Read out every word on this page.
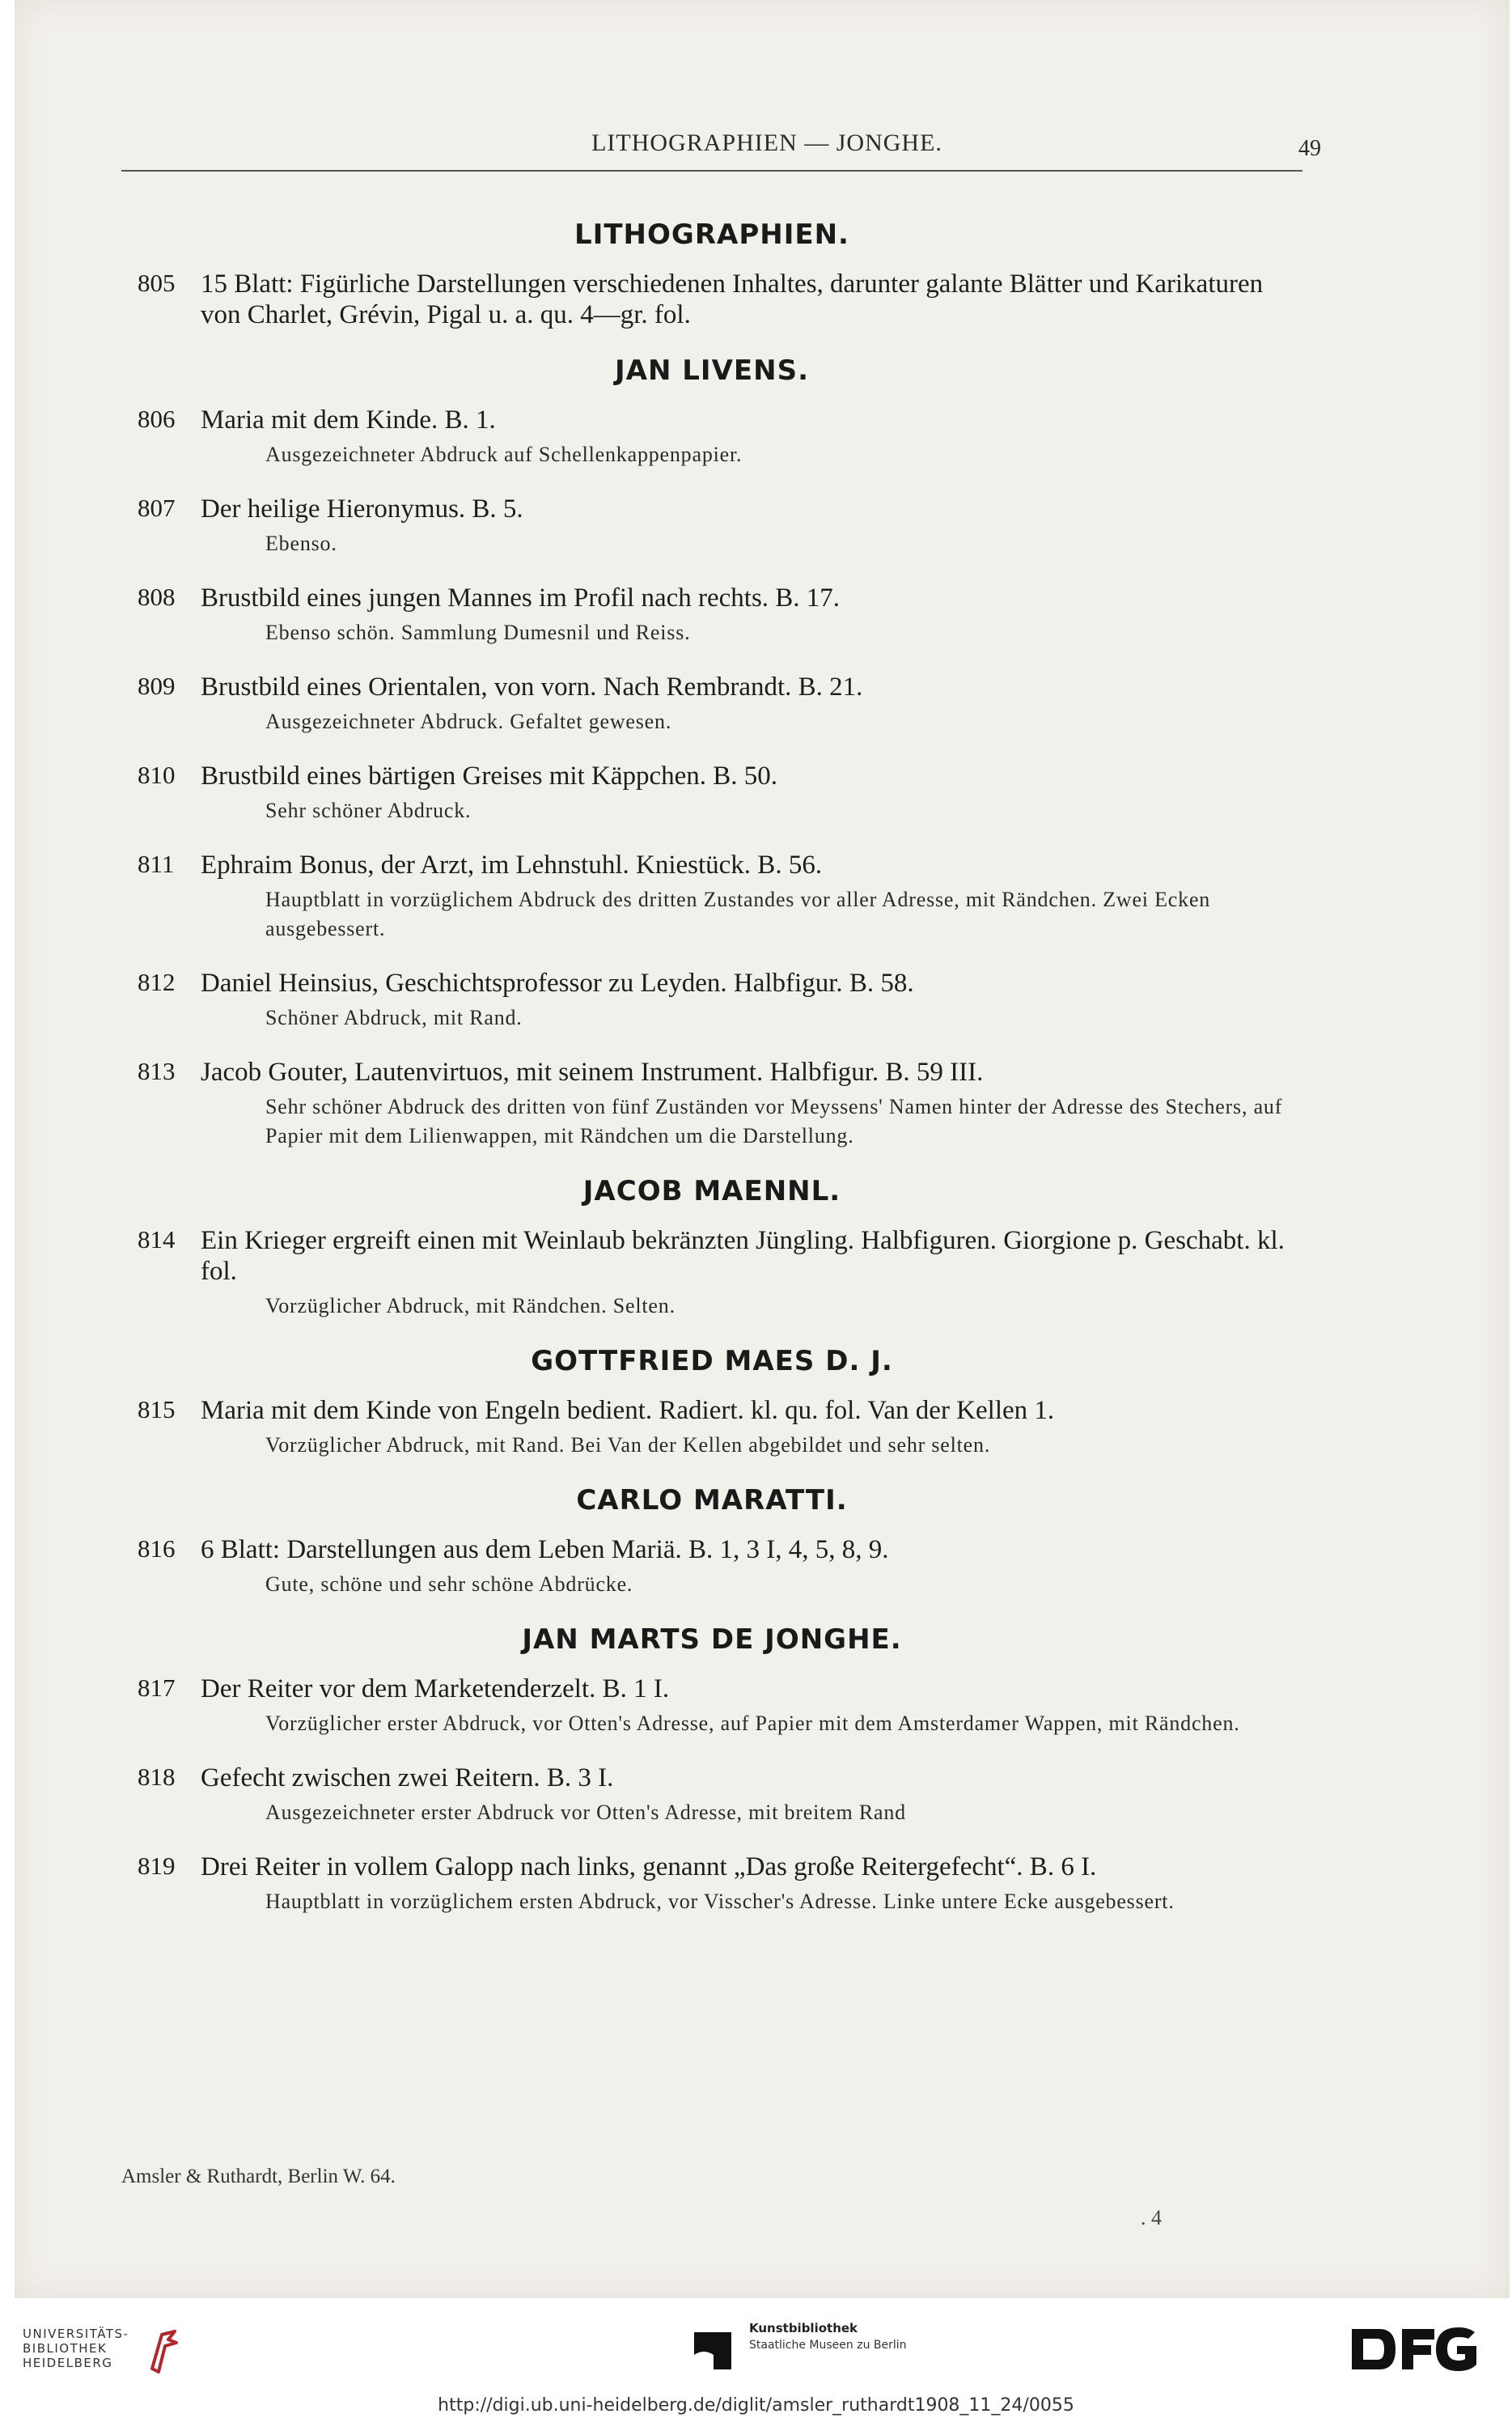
LITHOGRAPHIEN — JONGHE.	49
LITHOGRAPHIEN.
805 15 Blatt: Figürliche Darstellungen verschiedenen Inhaltes, darunter galante Blätter und Karikaturen von Charlet, Grévin, Pigal u. a. qu. 4—gr. fol.
JAN LIVENS.
806 Maria mit dem Kinde. B. 1.
Ausgezeichneter Abdruck auf Schellenkappenpapier.
807 Der heilige Hieronymus. B. 5.
Ebenso.
808 Brustbild eines jungen Mannes im Profil nach rechts. B. 17.
Ebenso schön. Sammlung Dumesnil und Reiss.
809 Brustbild eines Orientalen, von vorn. Nach Rembrandt. B. 21.
Ausgezeichneter Abdruck. Gefaltet gewesen.
810 Brustbild eines bärtigen Greises mit Käppchen. B. 50.
Sehr schöner Abdruck.
811 Ephraim Bonus, der Arzt, im Lehnstuhl. Kniestück. B. 56.
Hauptblatt in vorzüglichem Abdruck des dritten Zustandes vor aller Adresse, mit Rändchen. Zwei Ecken ausgebessert.
812 Daniel Heinsius, Geschichtsprofessor zu Leyden. Halbfigur. B. 58.
Schöner Abdruck, mit Rand.
813 Jacob Gouter, Lautenvirtuos, mit seinem Instrument. Halbfigur. B. 59 III.
Sehr schöner Abdruck des dritten von fünf Zuständen vor Meyssens' Namen hinter der Adresse des Stechers, auf Papier mit dem Lilienwappen, mit Rändchen um die Darstellung.
JACOB MAENNL.
814 Ein Krieger ergreift einen mit Weinlaub bekränzten Jüngling. Halbfiguren. Giorgione p. Geschabt. kl. fol.
Vorzüglicher Abdruck, mit Rändchen. Selten.
GOTTFRIED MAES D. J.
815 Maria mit dem Kinde von Engeln bedient. Radiert. kl. qu. fol. Van der Kellen 1.
Vorzüglicher Abdruck, mit Rand. Bei Van der Kellen abgebildet und sehr selten.
CARLO MARATTI.
816 6 Blatt: Darstellungen aus dem Leben Mariä. B. 1, 3 I, 4, 5, 8, 9.
Gute, schöne und sehr schöne Abdrücke.
JAN MARTS DE JONGHE.
817 Der Reiter vor dem Marketenderzelt. B. 1 I.
Vorzüglicher erster Abdruck, vor Otten's Adresse, auf Papier mit dem Amsterdamer Wappen, mit Rändchen.
818 Gefecht zwischen zwei Reitern. B. 3 I.
Ausgezeichneter erster Abdruck vor Otten's Adresse, mit breitem Rand
819 Drei Reiter in vollem Galopp nach links, genannt „Das große Reitergefecht“. B. 6 I.
Hauptblatt in vorzüglichem ersten Abdruck, vor Visscher's Adresse. Linke untere Ecke ausgebessert.
Amsler & Ruthardt, Berlin W. 64.
. 4
UNIVERSITÄTS-
BIBLIOTHEK
HEIDELBERG
Kunstbibliothek
Staatliche Museen zu Berlin
http://digi.ub.uni-heidelberg.de/diglit/amsler_ruthardt1908_11_24/0055
